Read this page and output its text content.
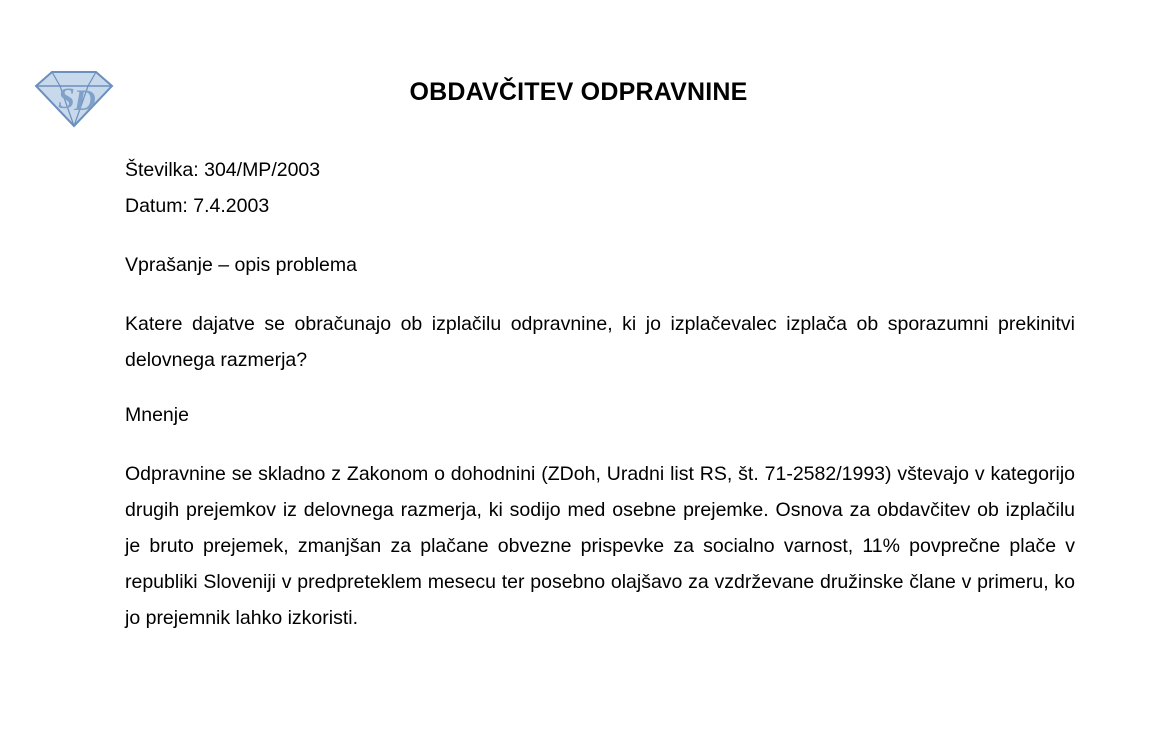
S D	OBDAVČITEV ODPRAVNINE
Številka: 304/MP/2003
Datum: 7.4.2003
Vprašanje – opis problema

Katere dajatve se obračunajo ob izplačilu odpravnine, ki jo izplačevalec izplača ob sporazumni prekinitvi delovnega razmerja?

Mnenje

Odpravnine se skladno z Zakonom o dohodnini (ZDoh, Uradni list RS, št. 71-2582/1993) vštevajo v kategorijo drugih prejemkov iz delovnega razmerja, ki sodijo med osebne prejemke. Osnova za obdavčitev ob izplačilu je bruto prejemek, zmanjšan za plačane obvezne prispevke za socialno varnost, 11% povprečne plače v republiki Sloveniji v predpreteklem mesecu ter posebno olajšavo za vzdrževane družinske člane v primeru, ko jo prejemnik lahko izkoristi.
